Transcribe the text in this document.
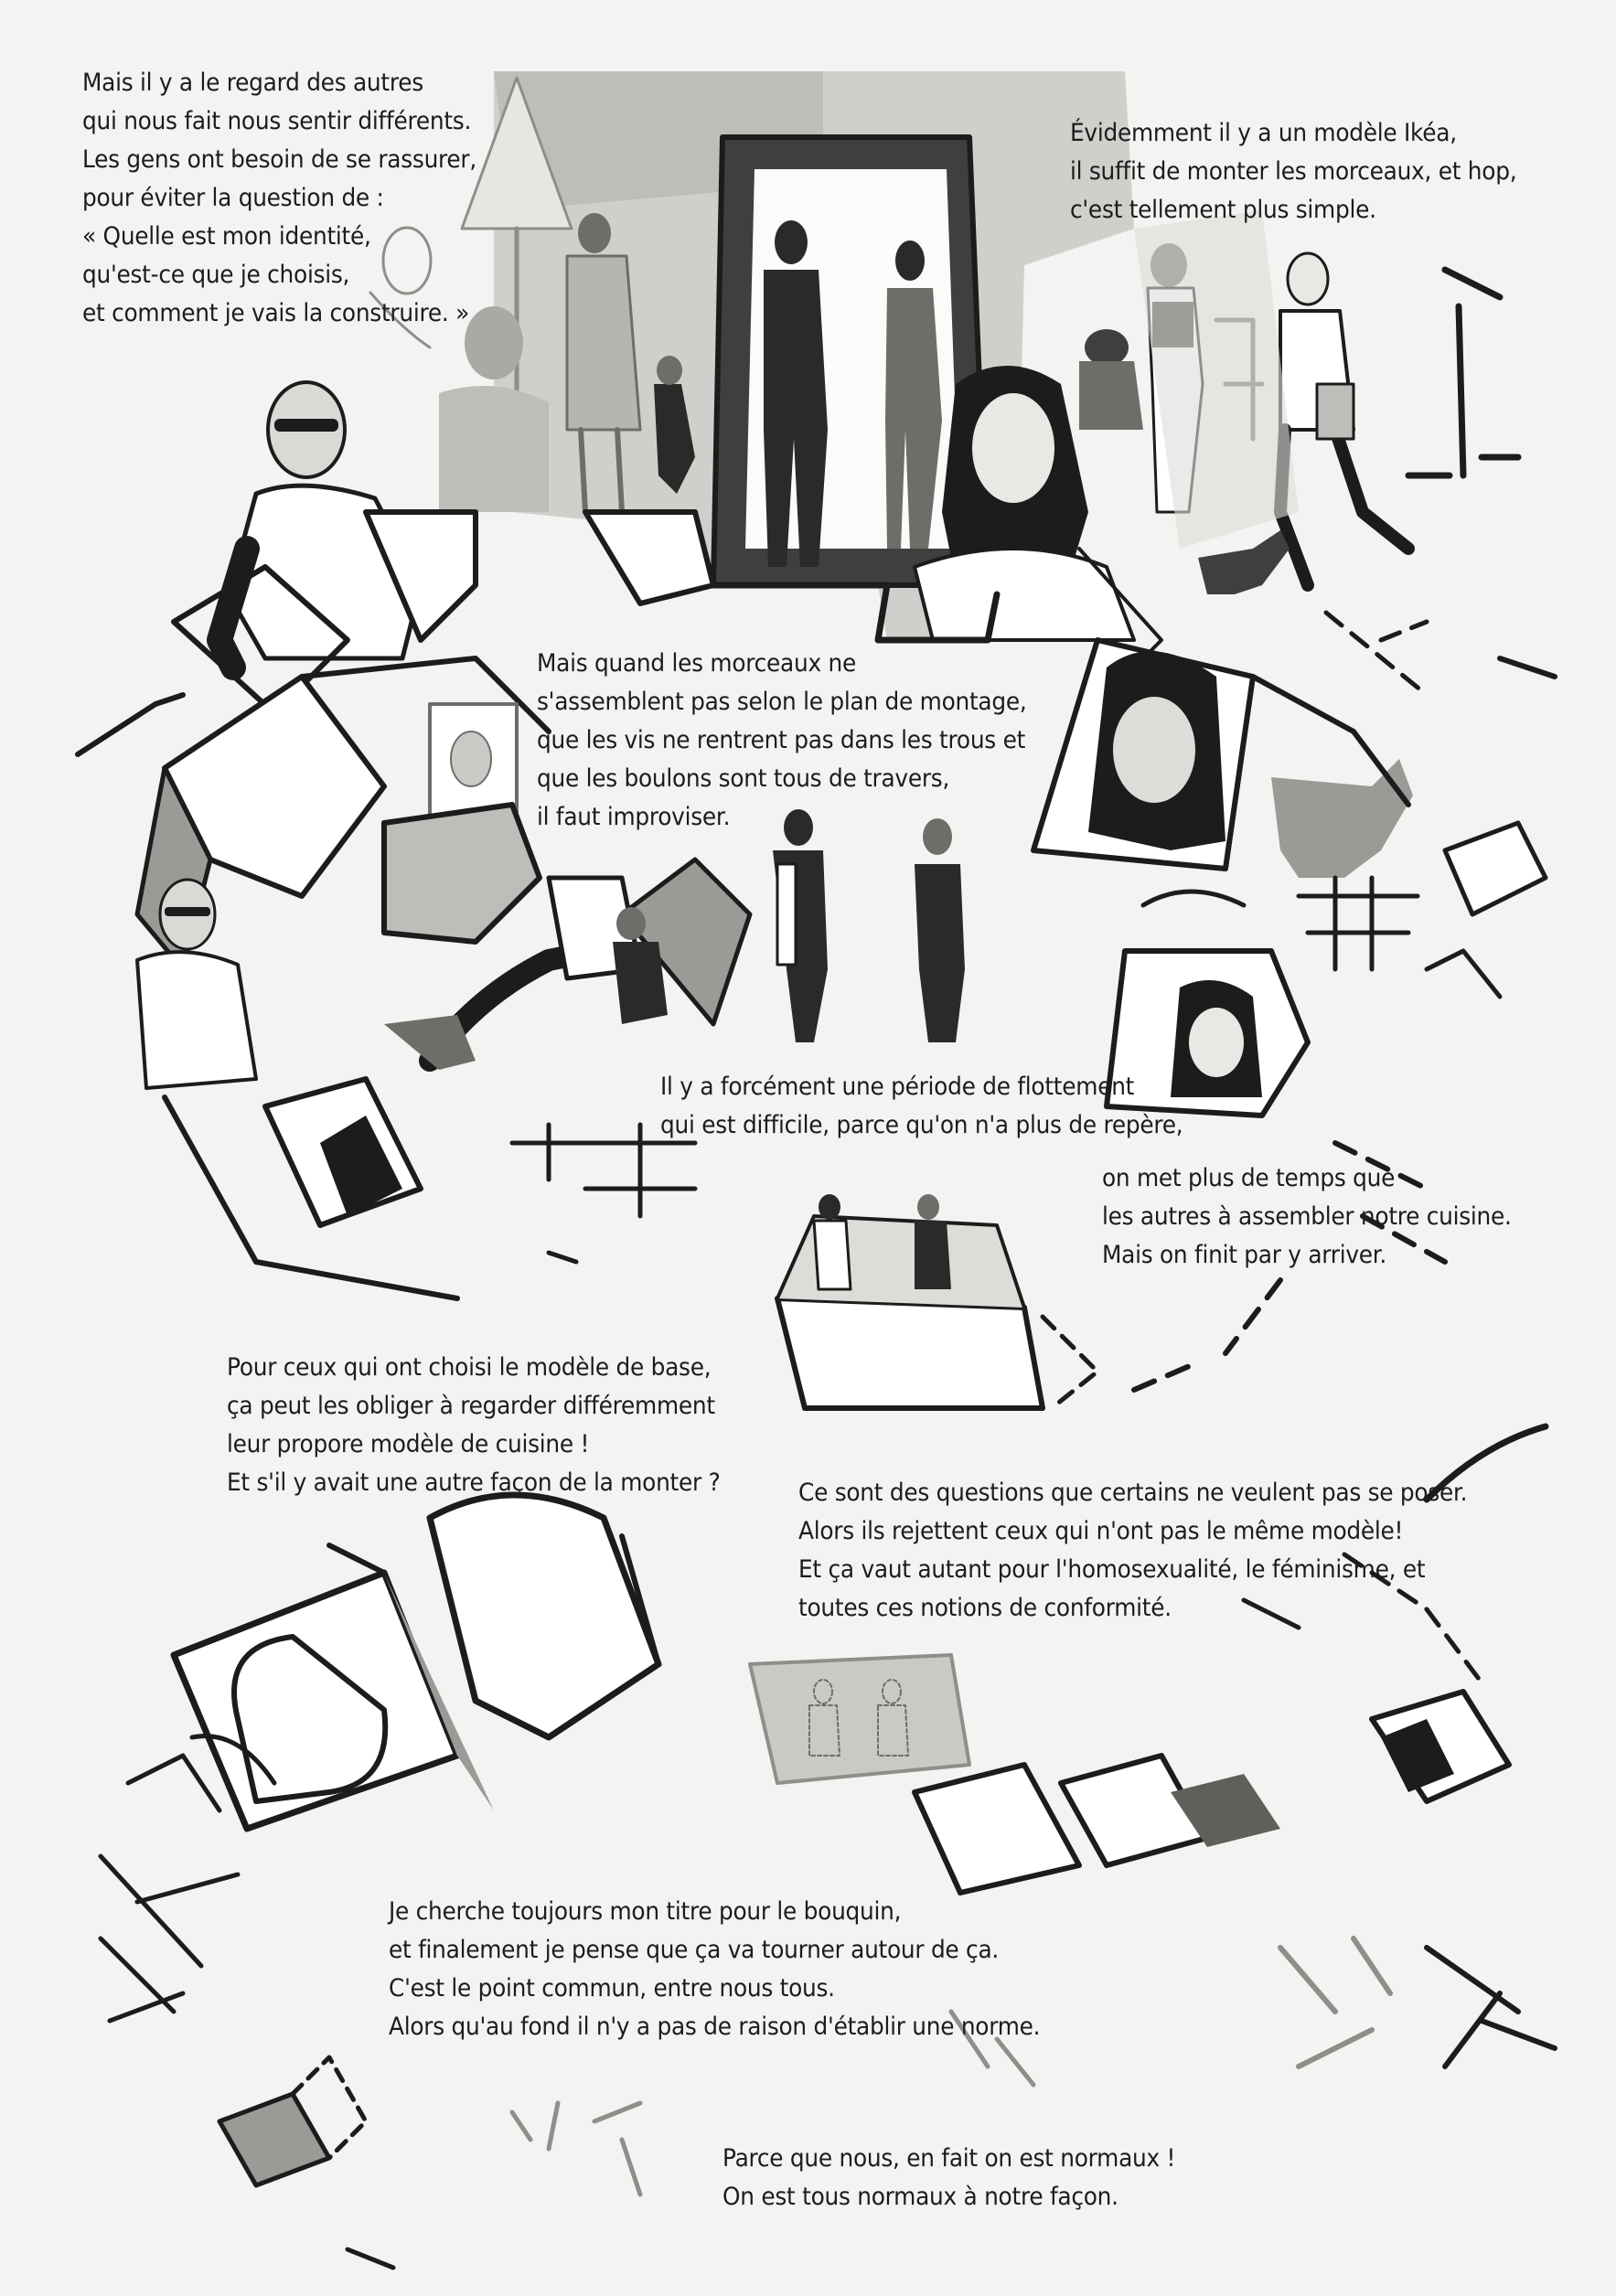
Mais il y a le regard des autres
qui nous fait nous sentir différents.
Les gens ont besoin de se rassurer,
pour éviter la question de :
« Quelle est mon identité,
qu'est-ce que je choisis,
et comment je vais la construire. »
Évidemment il y a un modèle Ikéa,
il suffit de monter les morceaux, et hop,
c'est tellement plus simple.
Mais quand les morceaux ne
s'assemblent pas selon le plan de montage,
que les vis ne rentrent pas dans les trous et
que les boulons sont tous de travers,
il faut improviser.
Il y a forcément une période de flottement
qui est difficile, parce qu'on n'a plus de repère,
on met plus de temps que
les autres à assembler notre cuisine.
Mais on finit par y arriver.
Pour ceux qui ont choisi le modèle de base,
ça peut les obliger à regarder différemment
leur propore modèle de cuisine !
Et s'il y avait une autre façon de la monter ?	Ce sont des questions que certains ne veulent pas se poser.
Alors ils rejettent ceux qui n'ont pas le même modèle!
Et ça vaut autant pour l'homosexualité, le féminisme, et
toutes ces notions de conformité.
Je cherche toujours mon titre pour le bouquin,
et finalement je pense que ça va tourner autour de ça.
C'est le point commun, entre nous tous.
Alors qu'au fond il n'y a pas de raison d'établir une norme.
Parce que nous, en fait on est normaux !
On est tous normaux à notre façon.
